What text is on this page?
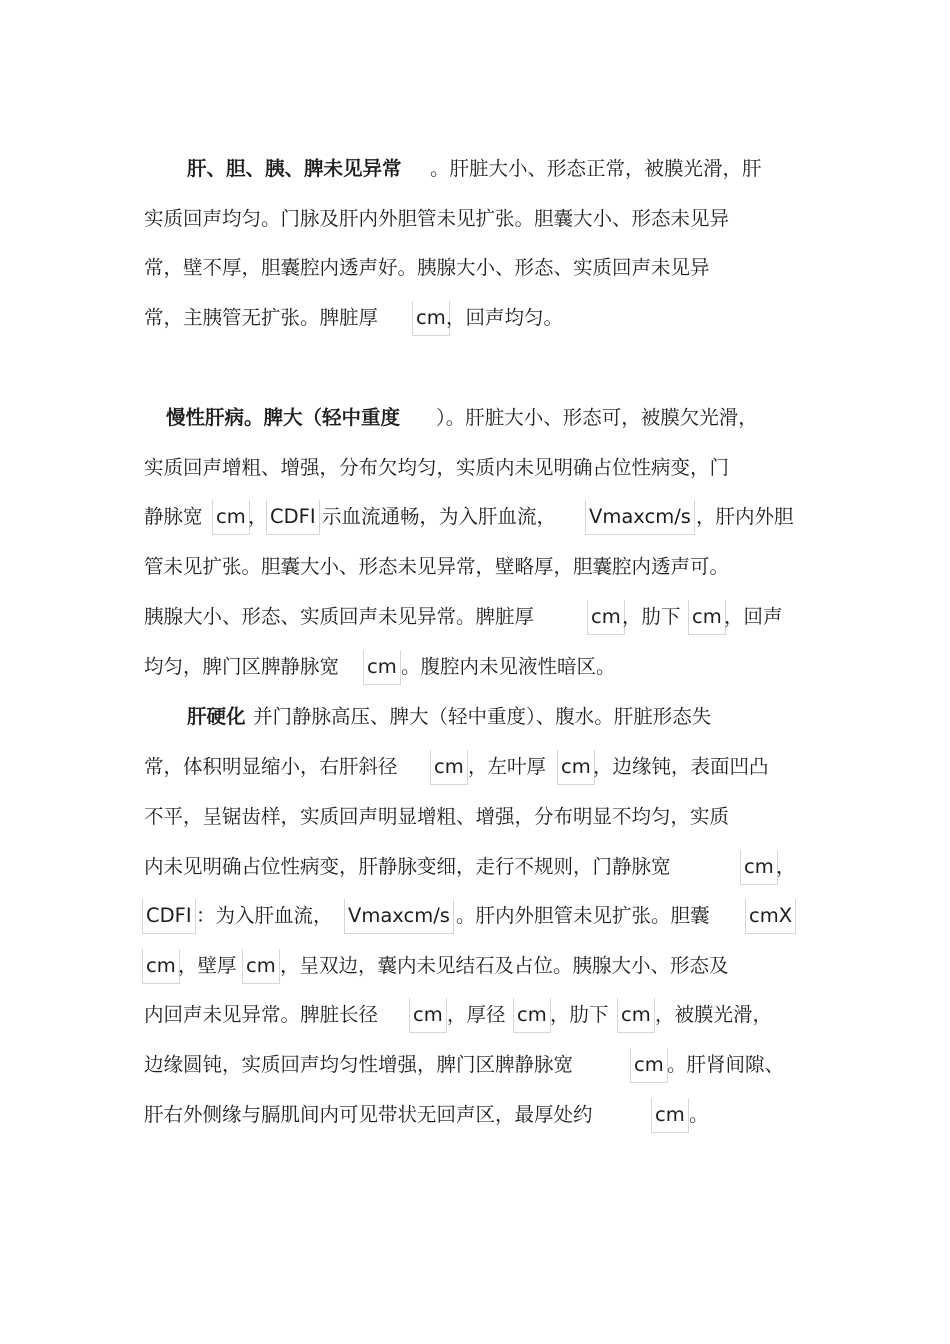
肝、胆、胰、脾未见异常 。肝脏大小、形态正常，被膜光滑，肝
实质回声均匀。门脉及肝内外胆管未见扩张。胆囊大小、形态未见异
常，壁不厚，胆囊腔内透声好。胰腺大小、形态、实质回声未见异
常，主胰管无扩张。脾脏厚 cm ，回声均匀。
慢性肝病。脾大（轻中重度 ）。肝脏大小、形态可，被膜欠光滑，
实质回声增粗、增强，分布欠均匀，实质内未见明确占位性病变，门
静脉宽 cm ， CDFI 示血流通畅，为入肝血流， Vmaxcm/s ，肝内外胆
管未见扩张。胆囊大小、形态未见异常，壁略厚，胆囊腔内透声可。
胰腺大小、形态、实质回声未见异常。脾脏厚	cm ，肋下 cm ，回声
均匀，脾门区脾静脉宽 cm 。腹腔内未见液性暗区。
肝硬化 并门静脉高压、脾大（轻中重度）、腹水。肝脏形态失
常，体积明显缩小，右肝斜径 cm ，左叶厚 cm ，边缘钝，表面凹凸
不平，呈锯齿样，实质回声明显增粗、增强，分布明显不均匀，实质
内未见明确占位性病变，肝静脉变细，走行不规则，门静脉宽	cm ，
CDFI ：为入肝血流， Vmaxcm/s 。肝内外胆管未见扩张。胆囊 cmX
cm ，壁厚 cm ，呈双边，囊内未见结石及占位。胰腺大小、形态及
内回声未见异常。脾脏长径 cm ，厚径 cm ，肋下 cm ，被膜光滑，
边缘圆钝，实质回声均匀性增强，脾门区脾静脉宽	cm 。肝肾间隙、
肝右外侧缘与膈肌间内可见带状无回声区，最厚处约	cm 。
